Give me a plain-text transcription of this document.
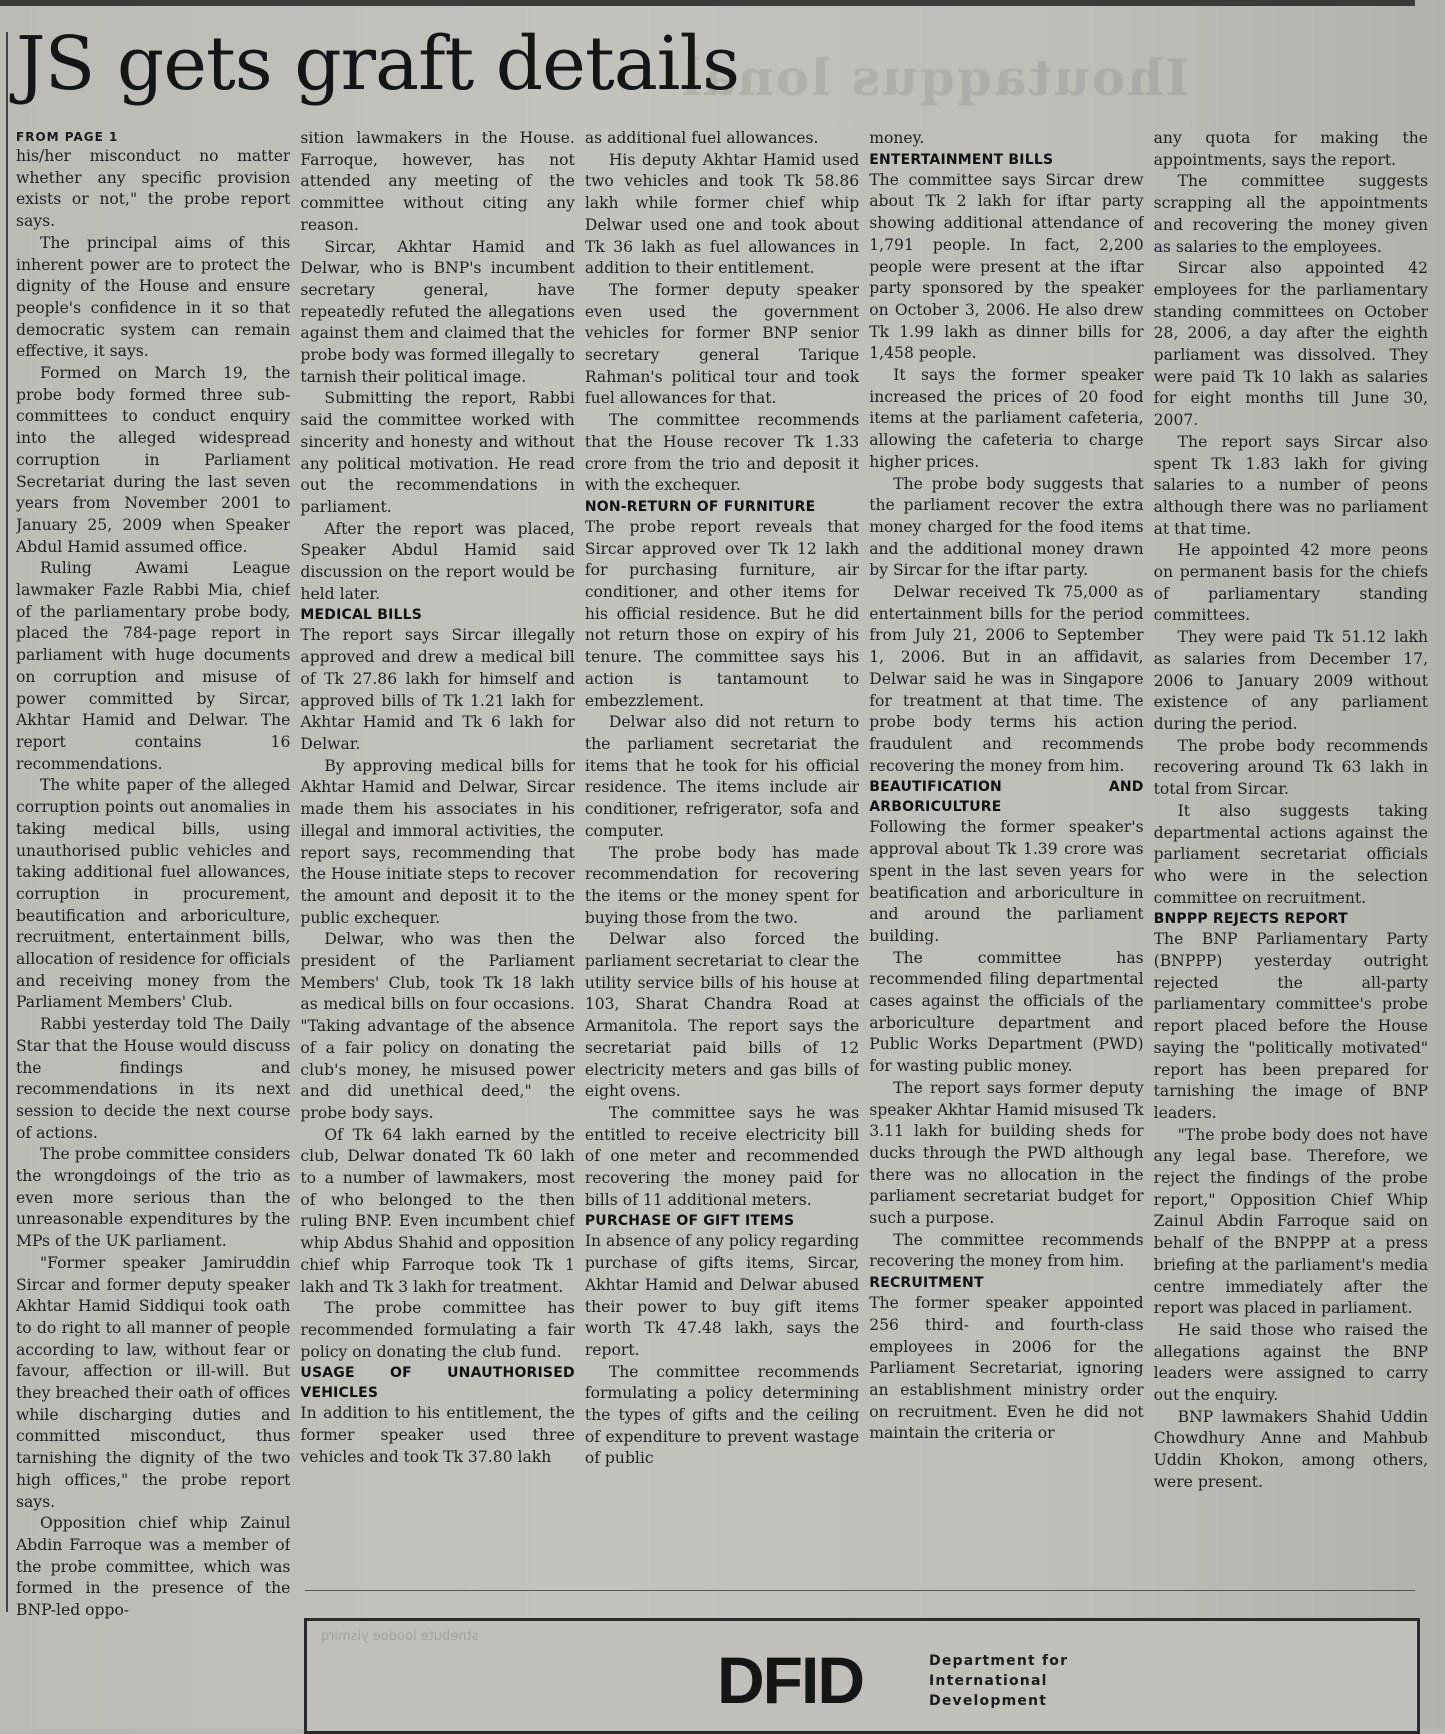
Ihoutaqqus lonal
JS gets graft details
FROM PAGE 1

his/her misconduct no matter whether any specific provision exists or not," the probe report says.

The principal aims of this inherent power are to protect the dignity of the House and ensure people's confidence in it so that democratic system can remain effective, it says.

Formed on March 19, the probe body formed three sub-committees to conduct enquiry into the alleged widespread corruption in Parliament Secretariat during the last seven years from November 2001 to January 25, 2009 when Speaker Abdul Hamid assumed office.

Ruling Awami League lawmaker Fazle Rabbi Mia, chief of the parliamentary probe body, placed the 784-page report in parliament with huge documents on corruption and misuse of power committed by Sircar, Akhtar Hamid and Delwar. The report contains 16 recommendations.

The white paper of the alleged corruption points out anomalies in taking medical bills, using unauthorised public vehicles and taking additional fuel allowances, corruption in procurement, beautification and arboriculture, recruitment, entertainment bills, allocation of residence for officials and receiving money from the Parliament Members' Club.

Rabbi yesterday told The Daily Star that the House would discuss the findings and recommendations in its next session to decide the next course of actions.

The probe committee considers the wrongdoings of the trio as even more serious than the unreasonable expenditures by the MPs of the UK parliament.

"Former speaker Jamiruddin Sircar and former deputy speaker Akhtar Hamid Siddiqui took oath to do right to all manner of people according to law, without fear or favour, affection or ill-will. But they breached their oath of offices while discharging duties and committed misconduct, thus tarnishing the dignity of the two high offices," the probe report says.

Opposition chief whip Zainul Abdin Farroque was a member of the probe committee, which was formed in the presence of the BNP-led oppo-

sition lawmakers in the House. Farroque, however, has not attended any meeting of the committee without citing any reason.

Sircar, Akhtar Hamid and Delwar, who is BNP's incumbent secretary general, have repeatedly refuted the allegations against them and claimed that the probe body was formed illegally to tarnish their political image.

Submitting the report, Rabbi said the committee worked with sincerity and honesty and without any political motivation. He read out the recommendations in parliament.

After the report was placed, Speaker Abdul Hamid said discussion on the report would be held later.

MEDICAL BILLS

The report says Sircar illegally approved and drew a medical bill of Tk 27.86 lakh for himself and approved bills of Tk 1.21 lakh for Akhtar Hamid and Tk 6 lakh for Delwar.

By approving medical bills for Akhtar Hamid and Delwar, Sircar made them his associates in his illegal and immoral activities, the report says, recommending that the House initiate steps to recover the amount and deposit it to the public exchequer.

Delwar, who was then the president of the Parliament Members' Club, took Tk 18 lakh as medical bills on four occasions. "Taking advantage of the absence of a fair policy on donating the club's money, he misused power and did unethical deed," the probe body says.

Of Tk 64 lakh earned by the club, Delwar donated Tk 60 lakh to a number of lawmakers, most of who belonged to the then ruling BNP. Even incumbent chief whip Abdus Shahid and opposition chief whip Farroque took Tk 1 lakh and Tk 3 lakh for treatment.

The probe committee has recommended formulating a fair policy on donating the club fund.

USAGE OF UNAUTHORISED VEHICLES

In addition to his entitlement, the former speaker used three vehicles and took Tk 37.80 lakh

as additional fuel allowances.

His deputy Akhtar Hamid used two vehicles and took Tk 58.86 lakh while former chief whip Delwar used one and took about Tk 36 lakh as fuel allowances in addition to their entitlement.

The former deputy speaker even used the government vehicles for former BNP senior secretary general Tarique Rahman's political tour and took fuel allowances for that.

The committee recommends that the House recover Tk 1.33 crore from the trio and deposit it with the exchequer.

NON-RETURN OF FURNITURE

The probe report reveals that Sircar approved over Tk 12 lakh for purchasing furniture, air conditioner, and other items for his official residence. But he did not return those on expiry of his tenure. The committee says his action is tantamount to embezzlement.

Delwar also did not return to the parliament secretariat the items that he took for his official residence. The items include air conditioner, refrigerator, sofa and computer.

The probe body has made recommendation for recovering the items or the money spent for buying those from the two.

Delwar also forced the parliament secretariat to clear the utility service bills of his house at 103, Sharat Chandra Road at Armanitola. The report says the secretariat paid bills of 12 electricity meters and gas bills of eight ovens.

The committee says he was entitled to receive electricity bill of one meter and recommended recovering the money paid for bills of 11 additional meters.

PURCHASE OF GIFT ITEMS

In absence of any policy regarding purchase of gifts items, Sircar, Akhtar Hamid and Delwar abused their power to buy gift items worth Tk 47.48 lakh, says the report.

The committee recommends formulating a policy determining the types of gifts and the ceiling of expenditure to prevent wastage of public

money.

ENTERTAINMENT BILLS

The committee says Sircar drew about Tk 2 lakh for iftar party showing additional attendance of 1,791 people. In fact, 2,200 people were present at the iftar party sponsored by the speaker on October 3, 2006. He also drew Tk 1.99 lakh as dinner bills for 1,458 people.

It says the former speaker increased the prices of 20 food items at the parliament cafeteria, allowing the cafeteria to charge higher prices.

The probe body suggests that the parliament recover the extra money charged for the food items and the additional money drawn by Sircar for the iftar party.

Delwar received Tk 75,000 as entertainment bills for the period from July 21, 2006 to September 1, 2006. But in an affidavit, Delwar said he was in Singapore for treatment at that time. The probe body terms his action fraudulent and recommends recovering the money from him.

BEAUTIFICATION AND ARBORICULTURE

Following the former speaker's approval about Tk 1.39 crore was spent in the last seven years for beatification and arboriculture in and around the parliament building.

The committee has recommended filing departmental cases against the officials of the arboriculture department and Public Works Department (PWD) for wasting public money.

The report says former deputy speaker Akhtar Hamid misused Tk 3.11 lakh for building sheds for ducks through the PWD although there was no allocation in the parliament secretariat budget for such a purpose.

The committee recommends recovering the money from him.

RECRUITMENT

The former speaker appointed 256 third- and fourth-class employees in 2006 for the Parliament Secretariat, ignoring an establishment ministry order on recruitment. Even he did not maintain the criteria or

any quota for making the appointments, says the report.

The committee suggests scrapping all the appointments and recovering the money given as salaries to the employees.

Sircar also appointed 42 employees for the parliamentary standing committees on October 28, 2006, a day after the eighth parliament was dissolved. They were paid Tk 10 lakh as salaries for eight months till June 30, 2007.

The report says Sircar also spent Tk 1.83 lakh for giving salaries to a number of peons although there was no parliament at that time.

He appointed 42 more peons on permanent basis for the chiefs of parliamentary standing committees.

They were paid Tk 51.12 lakh as salaries from December 17, 2006 to January 2009 without existence of any parliament during the period.

The probe body recommends recovering around Tk 63 lakh in total from Sircar.

It also suggests taking departmental actions against the parliament secretariat officials who were in the selection committee on recruitment.

BNPPP REJECTS REPORT

The BNP Parliamentary Party (BNPPP) yesterday outright rejected the all-party parliamentary committee's probe report placed before the House saying the "politically motivated" report has been prepared for tarnishing the image of BNP leaders.

"The probe body does not have any legal base. Therefore, we reject the findings of the probe report," Opposition Chief Whip Zainul Abdin Farroque said on behalf of the BNPPP at a press briefing at the parliament's media centre immediately after the report was placed in parliament.

He said those who raised the allegations against the BNP leaders were assigned to carry out the enquiry.

BNP lawmakers Shahid Uddin Chowdhury Anne and Mahbub Uddin Khokon, among others, were present.

stnebute loodoe yismirq
DFID	Department for
International
Development
